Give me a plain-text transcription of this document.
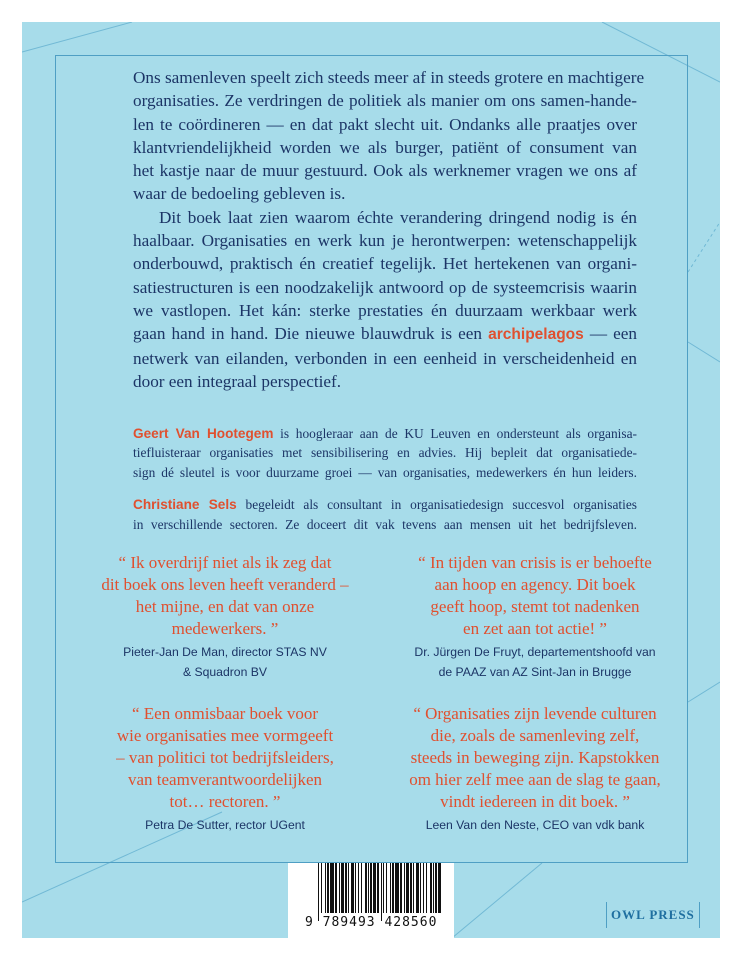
Ons samenleven speelt zich steeds meer af in steeds grotere en machtigere
organisaties. Ze verdringen de politiek als manier om ons samen-hande-
len te coördineren — en dat pakt slecht uit. Ondanks alle praatjes over
klantvriendelijkheid worden we als burger, patiënt of consument van
het kastje naar de muur gestuurd. Ook als werknemer vragen we ons af
waar de bedoeling gebleven is.
Dit boek laat zien waarom échte verandering dringend nodig is én
haalbaar. Organisaties en werk kun je herontwerpen: wetenschappelijk
onderbouwd, praktisch én creatief tegelijk. Het hertekenen van organi-
satiestructuren is een noodzakelijk antwoord op de systeemcrisis waarin
we vastlopen. Het kán: sterke prestaties én duurzaam werkbaar werk
gaan hand in hand. Die nieuwe blauwdruk is een archipelagos — een
netwerk van eilanden, verbonden in een eenheid in verscheidenheid en
door een integraal perspectief.

Geert Van Hootegem is hoogleraar aan de KU Leuven en ondersteunt als organisa-
tiefluisteraar organisaties met sensibilisering en advies. Hij bepleit dat organisatiede-
sign dé sleutel is voor duurzame groei — van organisaties, medewerkers én hun leiders.

Christiane Sels begeleidt als consultant in organisatiedesign succesvol organisaties
in verschillende sectoren. Ze doceert dit vak tevens aan mensen uit het bedrijfsleven.

“ Ik overdrijf niet als ik zeg dat
dit boek ons leven heeft veranderd –
het mijne, en dat van onze
medewerkers. ”
Pieter-Jan De Man, director STAS NV
& Squadron BV
“ In tijden van crisis is er behoefte
aan hoop en agency. Dit boek
geeft hoop, stemt tot nadenken
en zet aan tot actie! ”
Dr. Jürgen De Fruyt, departementshoofd van
de PAAZ van AZ Sint-Jan in Brugge
“ Een onmisbaar boek voor
wie organisaties mee vormgeeft
– van politici tot bedrijfsleiders,
van teamverantwoordelijken
tot… rectoren. ”
Petra De Sutter, rector UGent
“ Organisaties zijn levende culturen
die, zoals de samenleving zelf,
steeds in beweging zijn. Kapstokken
om hier zelf mee aan de slag te gaan,
vindt iedereen in dit boek. ”
Leen Van den Neste, CEO van vdk bank
9 789493 428560
OWL PRESS
